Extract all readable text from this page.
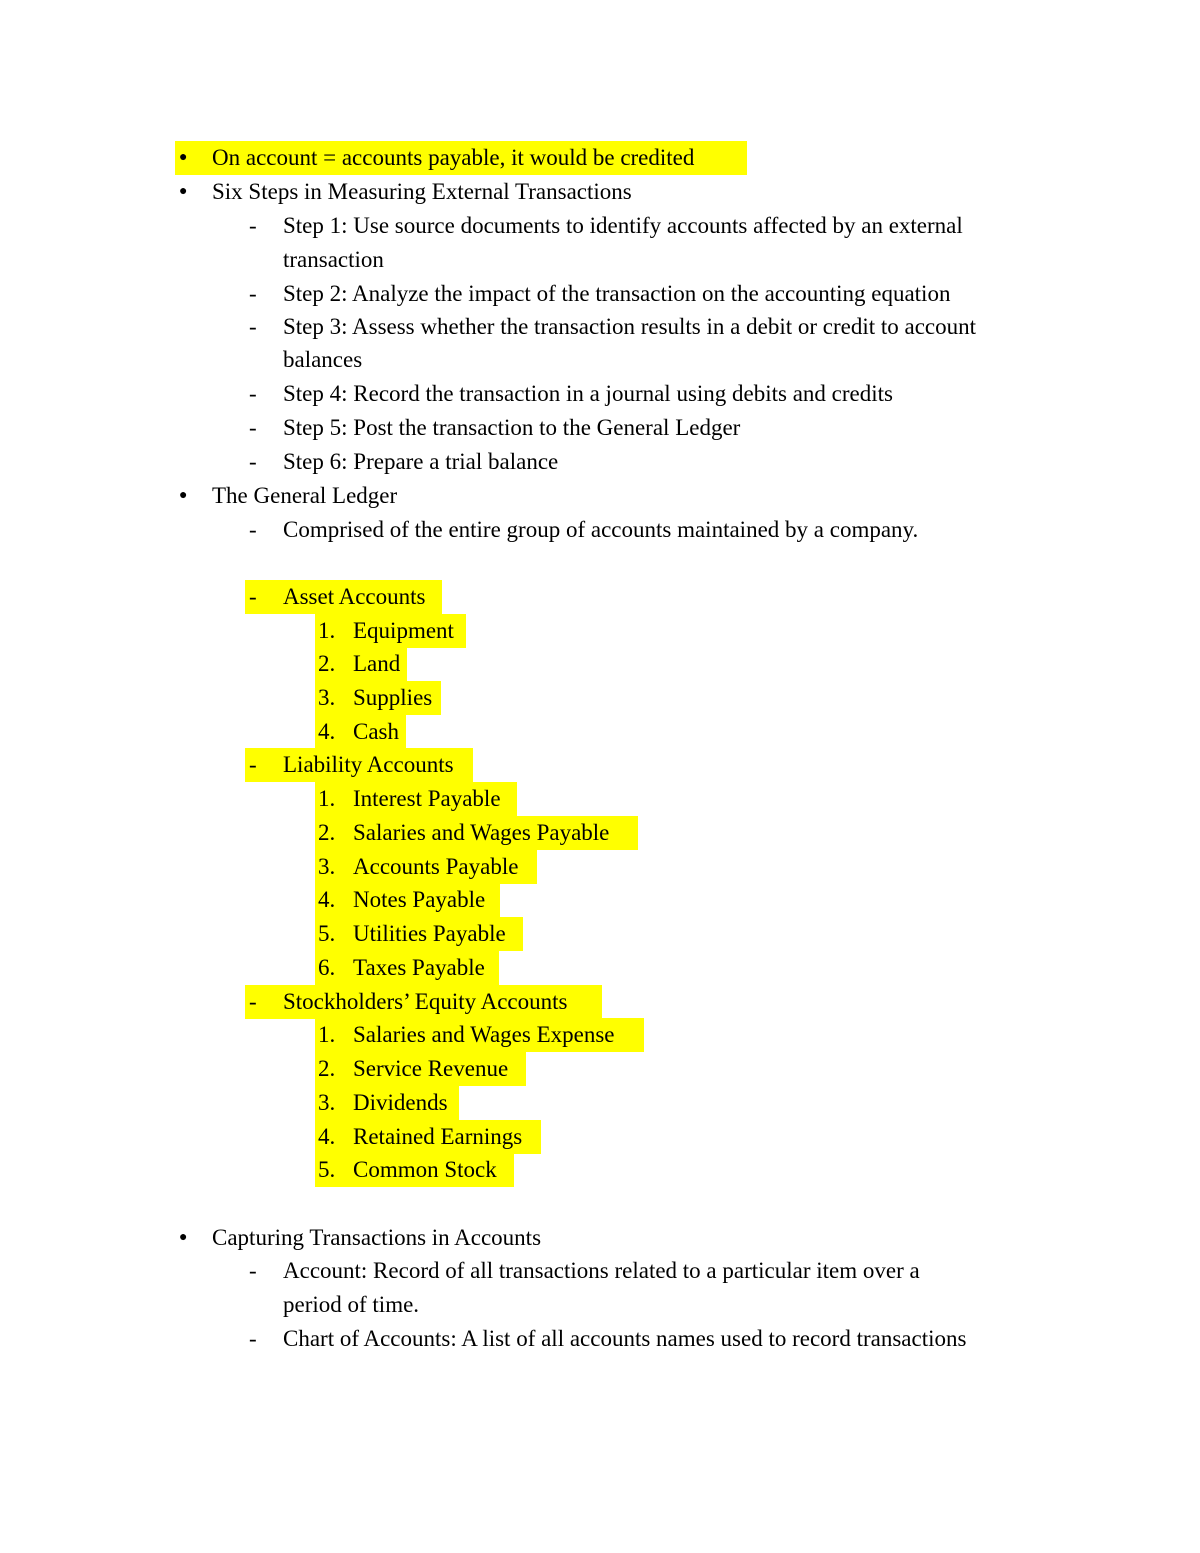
● On account = accounts payable, it would be credited
● Six Steps in Measuring External Transactions
- Step 1: Use source documents to identify accounts affected by an external
transaction
- Step 2: Analyze the impact of the transaction on the accounting equation
- Step 3: Assess whether the transaction results in a debit or credit to account
balances
- Step 4: Record the transaction in a journal using debits and credits
- Step 5: Post the transaction to the General Ledger
- Step 6: Prepare a trial balance
● The General Ledger
- Comprised of the entire group of accounts maintained by a company.
- Asset Accounts
1. Equipment
2. Land
3. Supplies
4. Cash
- Liability Accounts
1. Interest Payable
2. Salaries and Wages Payable
3. Accounts Payable
4. Notes Payable
5. Utilities Payable
6. Taxes Payable
- Stockholders’ Equity Accounts
1. Salaries and Wages Expense
2. Service Revenue
3. Dividends
4. Retained Earnings
5. Common Stock
● Capturing Transactions in Accounts
- Account: Record of all transactions related to a particular item over a
period of time.
- Chart of Accounts: A list of all accounts names used to record transactions
